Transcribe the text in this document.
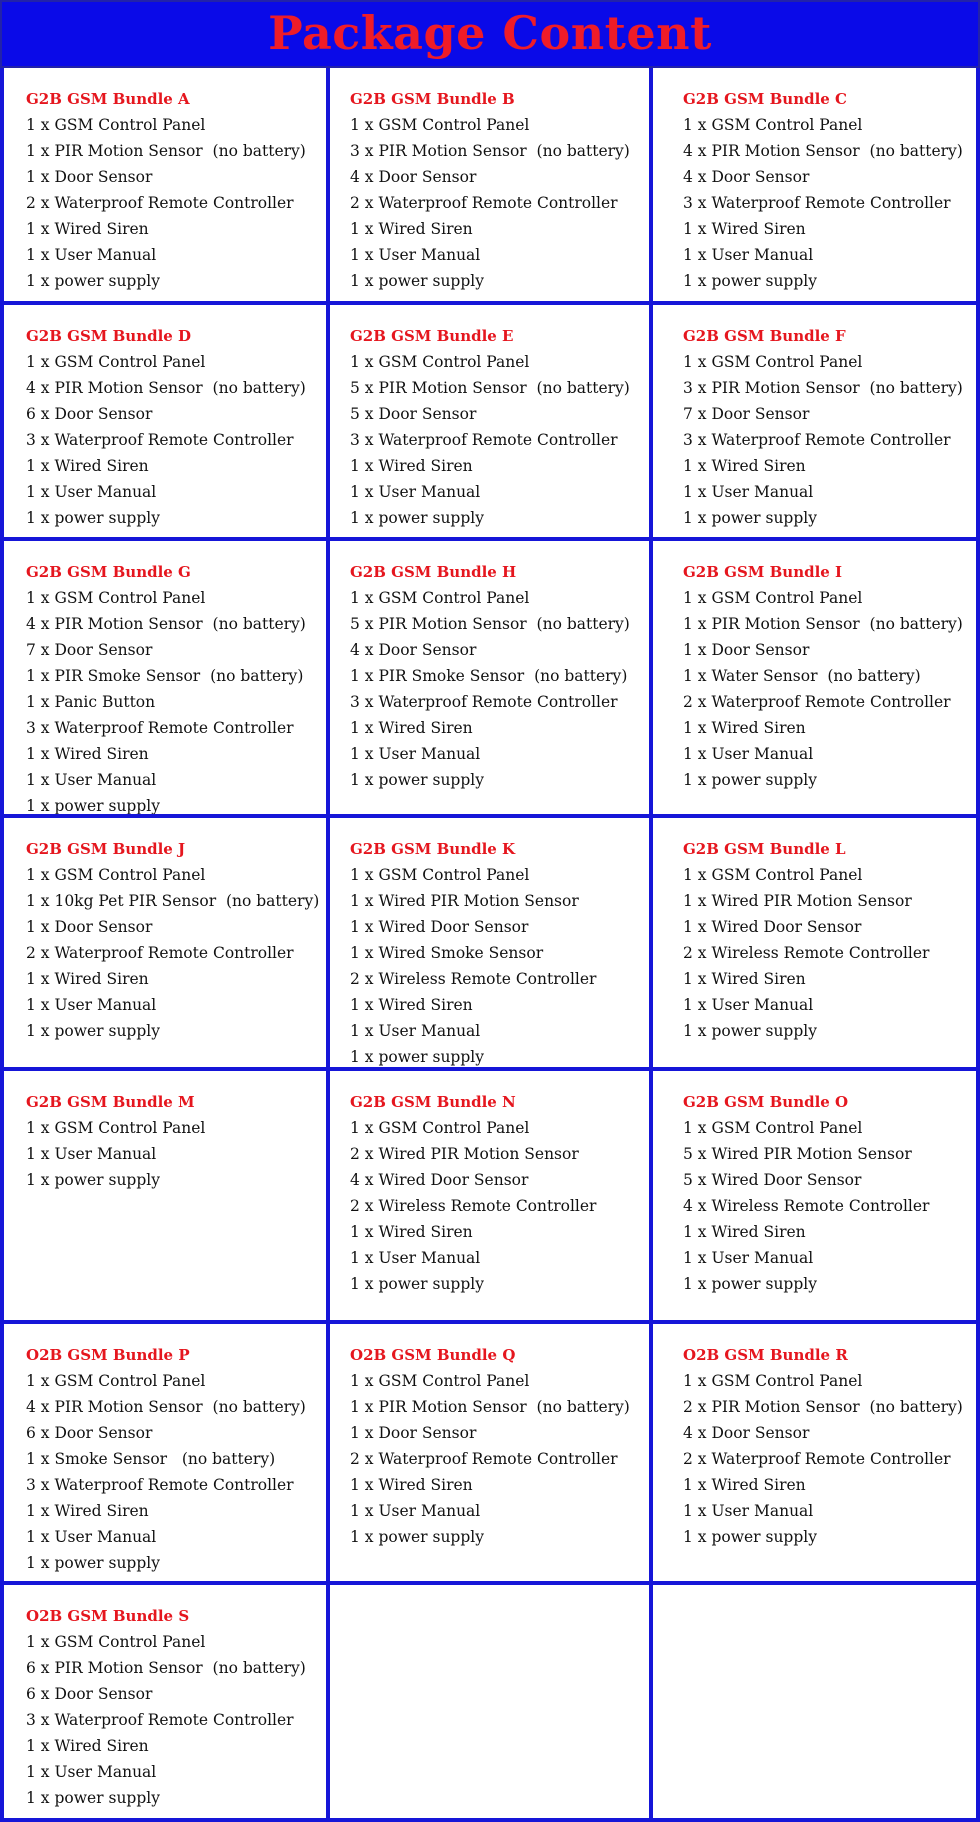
Package Content
G2B GSM Bundle A
1 x GSM Control Panel
1 x PIR Motion Sensor  (no battery)
1 x Door Sensor
2 x Waterproof Remote Controller
1 x Wired Siren
1 x User Manual
1 x power supply
G2B GSM Bundle B
1 x GSM Control Panel
3 x PIR Motion Sensor  (no battery)
4 x Door Sensor
2 x Waterproof Remote Controller
1 x Wired Siren
1 x User Manual
1 x power supply
G2B GSM Bundle C
1 x GSM Control Panel
4 x PIR Motion Sensor  (no battery)
4 x Door Sensor
3 x Waterproof Remote Controller
1 x Wired Siren
1 x User Manual
1 x power supply
G2B GSM Bundle D
1 x GSM Control Panel
4 x PIR Motion Sensor  (no battery)
6 x Door Sensor
3 x Waterproof Remote Controller
1 x Wired Siren
1 x User Manual
1 x power supply
G2B GSM Bundle E
1 x GSM Control Panel
5 x PIR Motion Sensor  (no battery)
5 x Door Sensor
3 x Waterproof Remote Controller
1 x Wired Siren
1 x User Manual
1 x power supply
G2B GSM Bundle F
1 x GSM Control Panel
3 x PIR Motion Sensor  (no battery)
7 x Door Sensor
3 x Waterproof Remote Controller
1 x Wired Siren
1 x User Manual
1 x power supply
G2B GSM Bundle G
1 x GSM Control Panel
4 x PIR Motion Sensor  (no battery)
7 x Door Sensor
1 x PIR Smoke Sensor  (no battery)
1 x Panic Button
3 x Waterproof Remote Controller
1 x Wired Siren
1 x User Manual
1 x power supply
G2B GSM Bundle H
1 x GSM Control Panel
5 x PIR Motion Sensor  (no battery)
4 x Door Sensor
1 x PIR Smoke Sensor  (no battery)
3 x Waterproof Remote Controller
1 x Wired Siren
1 x User Manual
1 x power supply
G2B GSM Bundle I
1 x GSM Control Panel
1 x PIR Motion Sensor  (no battery)
1 x Door Sensor
1 x Water Sensor  (no battery)
2 x Waterproof Remote Controller
1 x Wired Siren
1 x User Manual
1 x power supply
G2B GSM Bundle J
1 x GSM Control Panel
1 x 10kg Pet PIR Sensor  (no battery)
1 x Door Sensor
2 x Waterproof Remote Controller
1 x Wired Siren
1 x User Manual
1 x power supply
G2B GSM Bundle K
1 x GSM Control Panel
1 x Wired PIR Motion Sensor
1 x Wired Door Sensor
1 x Wired Smoke Sensor
2 x Wireless Remote Controller
1 x Wired Siren
1 x User Manual
1 x power supply
G2B GSM Bundle L
1 x GSM Control Panel
1 x Wired PIR Motion Sensor
1 x Wired Door Sensor
2 x Wireless Remote Controller
1 x Wired Siren
1 x User Manual
1 x power supply
G2B GSM Bundle M
1 x GSM Control Panel
1 x User Manual
1 x power supply
G2B GSM Bundle N
1 x GSM Control Panel
2 x Wired PIR Motion Sensor
4 x Wired Door Sensor
2 x Wireless Remote Controller
1 x Wired Siren
1 x User Manual
1 x power supply
G2B GSM Bundle O
1 x GSM Control Panel
5 x Wired PIR Motion Sensor
5 x Wired Door Sensor
4 x Wireless Remote Controller
1 x Wired Siren
1 x User Manual
1 x power supply
O2B GSM Bundle P
1 x GSM Control Panel
4 x PIR Motion Sensor  (no battery)
6 x Door Sensor
1 x Smoke Sensor   (no battery)
3 x Waterproof Remote Controller
1 x Wired Siren
1 x User Manual
1 x power supply
O2B GSM Bundle Q
1 x GSM Control Panel
1 x PIR Motion Sensor  (no battery)
1 x Door Sensor
2 x Waterproof Remote Controller
1 x Wired Siren
1 x User Manual
1 x power supply
O2B GSM Bundle R
1 x GSM Control Panel
2 x PIR Motion Sensor  (no battery)
4 x Door Sensor
2 x Waterproof Remote Controller
1 x Wired Siren
1 x User Manual
1 x power supply
O2B GSM Bundle S
1 x GSM Control Panel
6 x PIR Motion Sensor  (no battery)
6 x Door Sensor
3 x Waterproof Remote Controller
1 x Wired Siren
1 x User Manual
1 x power supply
